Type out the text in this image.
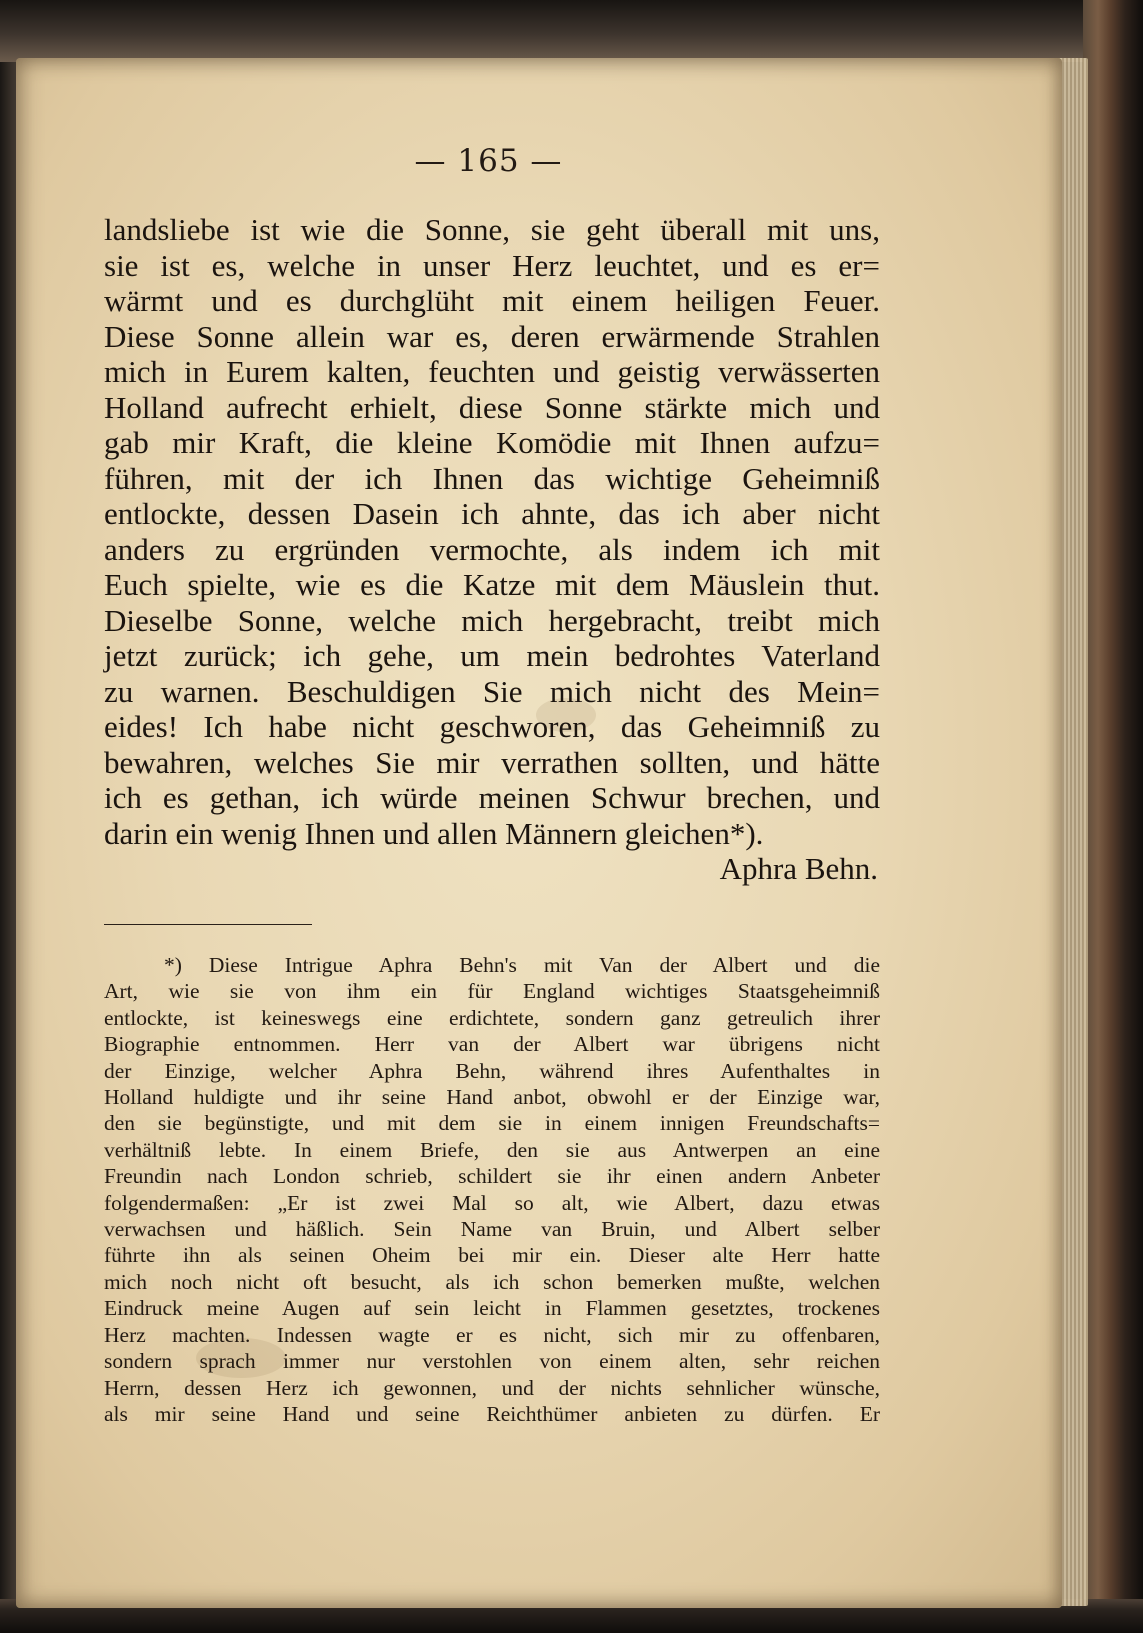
— 165 —
landsliebe ist wie die Sonne, sie geht überall mit uns,
sie ist es, welche in unser Herz leuchtet, und es er=
wärmt und es durchglüht mit einem heiligen Feuer.
Diese Sonne allein war es, deren erwärmende Strahlen
mich in Eurem kalten, feuchten und geistig verwässerten
Holland aufrecht erhielt, diese Sonne stärkte mich und
gab mir Kraft, die kleine Komödie mit Ihnen aufzu=
führen, mit der ich Ihnen das wichtige Geheimniß
entlockte, dessen Dasein ich ahnte, das ich aber nicht
anders zu ergründen vermochte, als indem ich mit
Euch spielte, wie es die Katze mit dem Mäuslein thut.
Dieselbe Sonne, welche mich hergebracht, treibt mich
jetzt zurück; ich gehe, um mein bedrohtes Vaterland
zu warnen. Beschuldigen Sie mich nicht des Mein=
eides! Ich habe nicht geschworen, das Geheimniß zu
bewahren, welches Sie mir verrathen sollten, und hätte
ich es gethan, ich würde meinen Schwur brechen, und
darin ein wenig Ihnen und allen Männern gleichen*).
Aphra Behn.
*) Diese Intrigue Aphra Behn's mit Van der Albert und die
Art, wie sie von ihm ein für England wichtiges Staatsgeheimniß
entlockte, ist keineswegs eine erdichtete, sondern ganz getreulich ihrer
Biographie entnommen. Herr van der Albert war übrigens nicht
der Einzige, welcher Aphra Behn, während ihres Aufenthaltes in
Holland huldigte und ihr seine Hand anbot, obwohl er der Einzige war,
den sie begünstigte, und mit dem sie in einem innigen Freundschafts=
verhältniß lebte. In einem Briefe, den sie aus Antwerpen an eine
Freundin nach London schrieb, schildert sie ihr einen andern Anbeter
folgendermaßen: „Er ist zwei Mal so alt, wie Albert, dazu etwas
verwachsen und häßlich. Sein Name van Bruin, und Albert selber
führte ihn als seinen Oheim bei mir ein. Dieser alte Herr hatte
mich noch nicht oft besucht, als ich schon bemerken mußte, welchen
Eindruck meine Augen auf sein leicht in Flammen gesetztes, trockenes
Herz machten. Indessen wagte er es nicht, sich mir zu offenbaren,
sondern sprach immer nur verstohlen von einem alten, sehr reichen
Herrn, dessen Herz ich gewonnen, und der nichts sehnlicher wünsche,
als mir seine Hand und seine Reichthümer anbieten zu dürfen. Er
